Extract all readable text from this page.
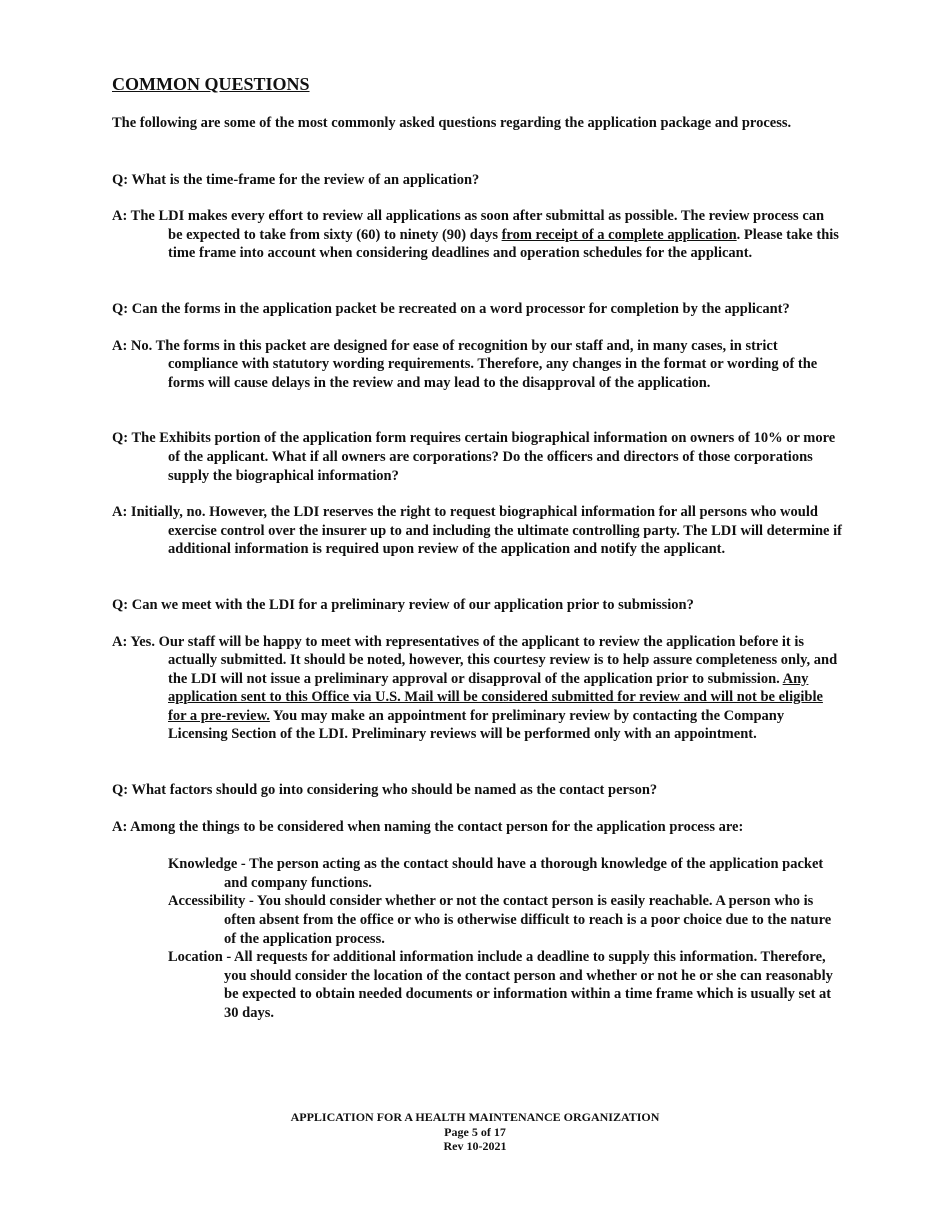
COMMON QUESTIONS
The following are some of the most commonly asked questions regarding the application package and process.
Q: What is the time-frame for the review of an application?
A: The LDI makes every effort to review all applications as soon after submittal as possible. The review process can be expected to take from sixty (60) to ninety (90) days from receipt of a complete application. Please take this time frame into account when considering deadlines and operation schedules for the applicant.
Q: Can the forms in the application packet be recreated on a word processor for completion by the applicant?
A: No. The forms in this packet are designed for ease of recognition by our staff and, in many cases, in strict compliance with statutory wording requirements. Therefore, any changes in the format or wording of the forms will cause delays in the review and may lead to the disapproval of the application.
Q: The Exhibits portion of the application form requires certain biographical information on owners of 10% or more of the applicant. What if all owners are corporations? Do the officers and directors of those corporations supply the biographical information?
A: Initially, no. However, the LDI reserves the right to request biographical information for all persons who would exercise control over the insurer up to and including the ultimate controlling party. The LDI will determine if additional information is required upon review of the application and notify the applicant.
Q: Can we meet with the LDI for a preliminary review of our application prior to submission?
A: Yes. Our staff will be happy to meet with representatives of the applicant to review the application before it is actually submitted. It should be noted, however, this courtesy review is to help assure completeness only, and the LDI will not issue a preliminary approval or disapproval of the application prior to submission. Any application sent to this Office via U.S. Mail will be considered submitted for review and will not be eligible for a pre-review. You may make an appointment for preliminary review by contacting the Company Licensing Section of the LDI. Preliminary reviews will be performed only with an appointment.
Q: What factors should go into considering who should be named as the contact person?
A: Among the things to be considered when naming the contact person for the application process are:
Knowledge - The person acting as the contact should have a thorough knowledge of the application packet and company functions.
Accessibility - You should consider whether or not the contact person is easily reachable. A person who is often absent from the office or who is otherwise difficult to reach is a poor choice due to the nature of the application process.
Location - All requests for additional information include a deadline to supply this information. Therefore, you should consider the location of the contact person and whether or not he or she can reasonably be expected to obtain needed documents or information within a time frame which is usually set at 30 days.
APPLICATION FOR A HEALTH MAINTENANCE ORGANIZATION
Page 5 of 17
Rev 10-2021
